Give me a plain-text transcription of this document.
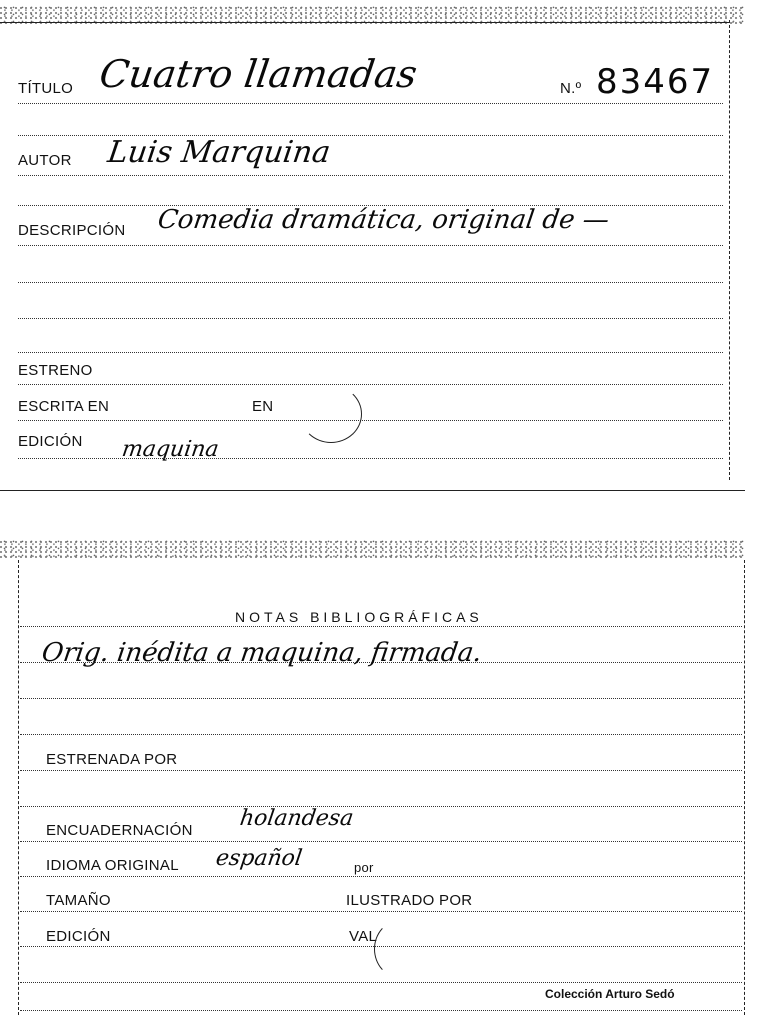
TÍTULO Cuatro llamadas	N.º 83467
AUTOR Luis Marquina
DESCRIPCIÓN Comedia dramática, original de —
ESTRENO
ESCRITA EN	EN
EDICIÓN maquina
NOTAS BIBLIOGRÁFICAS
Orig. inédita a maquina, firmada.
ESTRENADA POR
ENCUADERNACIÓN holandesa
IDIOMA ORIGINAL español	por
TAMAÑO	ILUSTRADO POR
EDICIÓN	VAL
Colección Arturo Sedó
